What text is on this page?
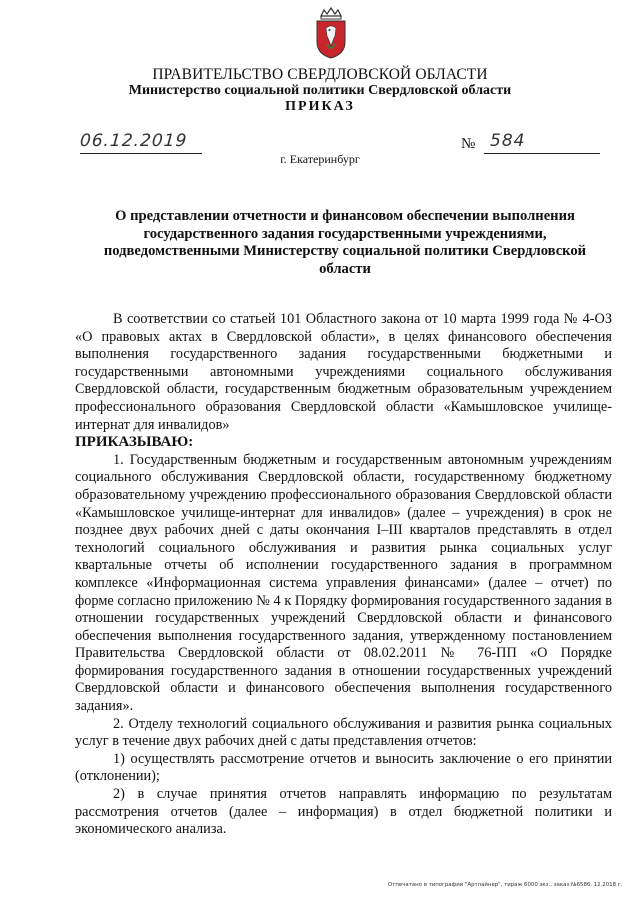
ПРАВИТЕЛЬСТВО СВЕРДЛОВСКОЙ ОБЛАСТИ
Министерство социальной политики Свердловской области
ПРИКАЗ
06.12.2019	№ 584
г. Екатеринбург
О представлении отчетности и финансовом обеспечении выполнения государственного задания государственными учреждениями, подведомственными Министерству социальной политики Свердловской области

В соответствии со статьей 101 Областного закона от 10 марта 1999 года № 4-ОЗ «О правовых актах в Свердловской области», в целях финансового обеспечения выполнения государственного задания государственными бюджетными и государственными автономными учреждениями социального обслуживания Свердловской области, государственным бюджетным образовательным учреждением профессионального образования Свердловской области «Камышловское училище-интернат для инвалидов»

ПРИКАЗЫВАЮ:

1. Государственным бюджетным и государственным автономным учреждениям социального обслуживания Свердловской области, государственному бюджетному образовательному учреждению профессионального образования Свердловской области «Камышловское училище-интернат для инвалидов» (далее – учреждения) в срок не позднее двух рабочих дней с даты окончания I–III кварталов представлять в отдел технологий социального обслуживания и развития рынка социальных услуг квартальные отчеты об исполнении государственного задания в программном комплексе «Информационная система управления финансами» (далее – отчет) по форме согласно приложению № 4 к Порядку формирования государственного задания в отношении государственных учреждений Свердловской области и финансового обеспечения выполнения государственного задания, утвержденному постановлением Правительства Свердловской области от 08.02.2011 № 76-ПП «О Порядке формирования государственного задания в отношении государственных учреждений Свердловской области и финансового обеспечения выполнения государственного задания».

2. Отделу технологий социального обслуживания и развития рынка социальных услуг в течение двух рабочих дней с даты представления отчетов:

1) осуществлять рассмотрение отчетов и выносить заключение о его принятии (отклонении);

2) в случае принятия отчетов направлять информацию по результатам рассмотрения отчетов (далее – информация) в отдел бюджетной политики и экономического анализа.

Отпечатано в типографии "Артлайнер", тираж 6000 экз., заказ №6586. 12.2018 г.
